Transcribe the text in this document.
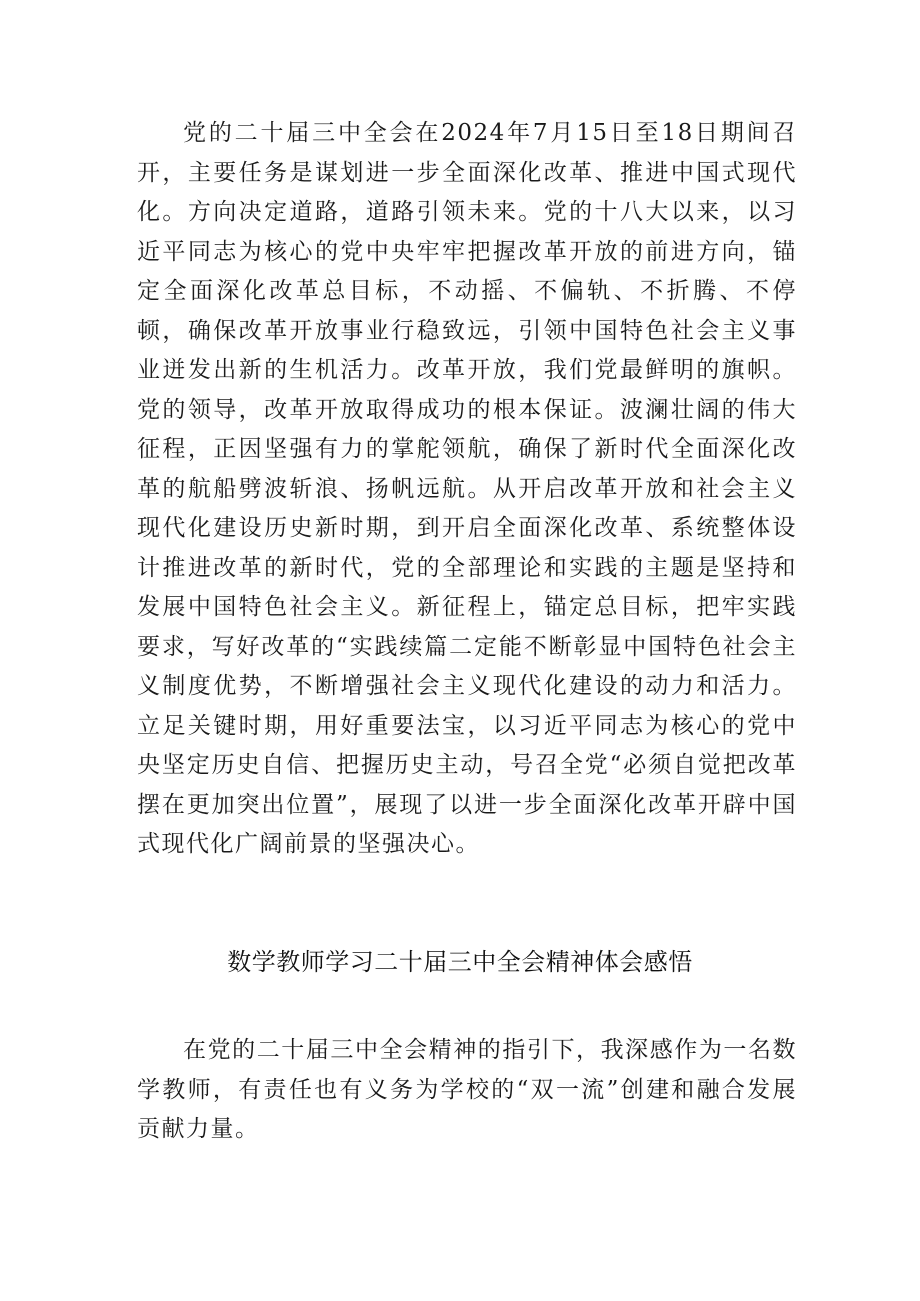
党的二十届三中全会在2024年7月15日至18日期间召开，主要任务是谋划进一步全面深化改革、推进中国式现代化。方向决定道路，道路引领未来。党的十八大以来，以习近平同志为核心的党中央牢牢把握改革开放的前进方向，锚定全面深化改革总目标，不动摇、不偏轨、不折腾、不停顿，确保改革开放事业行稳致远，引领中国特色社会主义事业迸发出新的生机活力。改革开放，我们党最鲜明的旗帜。党的领导，改革开放取得成功的根本保证。波澜壮阔的伟大征程，正因坚强有力的掌舵领航，确保了新时代全面深化改革的航船劈波斩浪、扬帆远航。从开启改革开放和社会主义现代化建设历史新时期，到开启全面深化改革、系统整体设计推进改革的新时代，党的全部理论和实践的主题是坚持和发展中国特色社会主义。新征程上，锚定总目标，把牢实践要求，写好改革的“实践续篇二定能不断彰显中国特色社会主义制度优势，不断增强社会主义现代化建设的动力和活力。立足关键时期，用好重要法宝，以习近平同志为核心的党中央坚定历史自信、把握历史主动，号召全党“必须自觉把改革摆在更加突出位置”，展现了以进一步全面深化改革开辟中国式现代化广阔前景的坚强决心。

数学教师学习二十届三中全会精神体会感悟

在党的二十届三中全会精神的指引下，我深感作为一名数学教师，有责任也有义务为学校的“双一流”创建和融合发展贡献力量。
